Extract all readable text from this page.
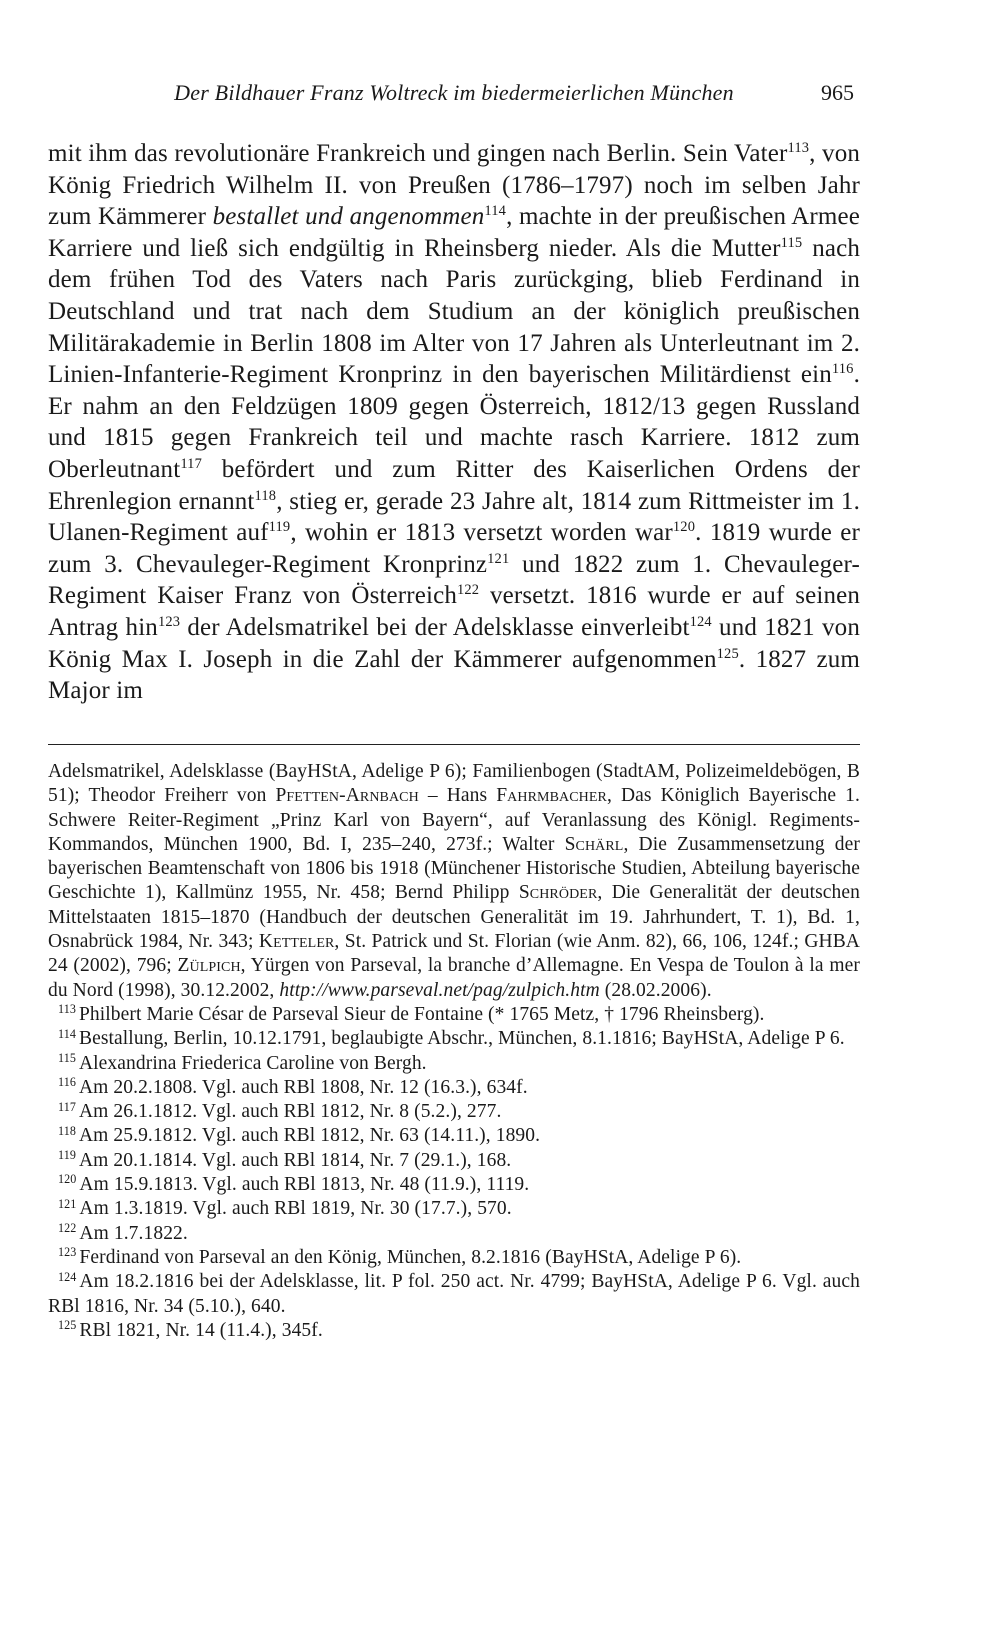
Der Bildhauer Franz Woltreck im biedermeierlichen München	965

mit ihm das revolutionäre Frankreich und gingen nach Berlin. Sein Vater$^{113}$, von König Friedrich Wilhelm II. von Preußen (1786–1797) noch im selben Jahr zum Kämmerer bestallet und angenommen$^{114}$, machte in der preußischen Armee Karriere und ließ sich endgültig in Rheinsberg nieder. Als die Mutter$^{115}$ nach dem frühen Tod des Vaters nach Paris zurückging, blieb Ferdinand in Deutschland und trat nach dem Studium an der königlich preußischen Militärakademie in Berlin 1808 im Alter von 17 Jahren als Unterleutnant im 2. Linien-Infanterie-Regiment Kronprinz in den bayerischen Militärdienst ein$^{116}$. Er nahm an den Feldzügen 1809 gegen Österreich, 1812/13 gegen Russland und 1815 gegen Frankreich teil und machte rasch Karriere. 1812 zum Oberleutnant$^{117}$ befördert und zum Ritter des Kaiserlichen Ordens der Ehrenlegion ernannt$^{118}$, stieg er, gerade 23 Jahre alt, 1814 zum Rittmeister im 1. Ulanen-Regiment auf$^{119}$, wohin er 1813 versetzt worden war$^{120}$. 1819 wurde er zum 3. Chevauleger-Regiment Kronprinz$^{121}$ und 1822 zum 1. Chevauleger-Regiment Kaiser Franz von Österreich$^{122}$ versetzt. 1816 wurde er auf seinen Antrag hin$^{123}$ der Adelsmatrikel bei der Adelsklasse einverleibt$^{124}$ und 1821 von König Max I. Joseph in die Zahl der Kämmerer aufgenommen$^{125}$. 1827 zum Major im

Adelsmatrikel, Adelsklasse (BayHStA, Adelige P 6); Familienbogen (StadtAM, Polizeimeldebögen, B 51); Theodor Freiherr von Pfetten-Arnbach – Hans Fahrmbacher, Das Königlich Bayerische 1. Schwere Reiter-Regiment „Prinz Karl von Bayern“, auf Veranlassung des Königl. Regiments-Kommandos, München 1900, Bd. I, 235–240, 273f.; Walter Schärl, Die Zusammensetzung der bayerischen Beamtenschaft von 1806 bis 1918 (Münchener Historische Studien, Abteilung bayerische Geschichte 1), Kallmünz 1955, Nr. 458; Bernd Philipp Schröder, Die Generalität der deutschen Mittelstaaten 1815–1870 (Handbuch der deutschen Generalität im 19. Jahrhundert, T. 1), Bd. 1, Osnabrück 1984, Nr. 343; Ketteler, St. Patrick und St. Florian (wie Anm. 82), 66, 106, 124f.; GHBA 24 (2002), 796; Zülpich, Yürgen von Parseval, la branche d’Allemagne. En Vespa de Toulon à la mer du Nord (1998), 30.12.2002, http://www.parseval.net/pag/zulpich.htm (28.02.2006).

$^{113}$ Philbert Marie César de Parseval Sieur de Fontaine (* 1765 Metz, † 1796 Rheinsberg).

$^{114}$ Bestallung, Berlin, 10.12.1791, beglaubigte Abschr., München, 8.1.1816; BayHStA, Adelige P 6.

$^{115}$ Alexandrina Friederica Caroline von Bergh.

$^{116}$ Am 20.2.1808. Vgl. auch RBl 1808, Nr. 12 (16.3.), 634f.

$^{117}$ Am 26.1.1812. Vgl. auch RBl 1812, Nr. 8 (5.2.), 277.

$^{118}$ Am 25.9.1812. Vgl. auch RBl 1812, Nr. 63 (14.11.), 1890.

$^{119}$ Am 20.1.1814. Vgl. auch RBl 1814, Nr. 7 (29.1.), 168.

$^{120}$ Am 15.9.1813. Vgl. auch RBl 1813, Nr. 48 (11.9.), 1119.

$^{121}$ Am 1.3.1819. Vgl. auch RBl 1819, Nr. 30 (17.7.), 570.

$^{122}$ Am 1.7.1822.

$^{123}$ Ferdinand von Parseval an den König, München, 8.2.1816 (BayHStA, Adelige P 6).

$^{124}$ Am 18.2.1816 bei der Adelsklasse, lit. P fol. 250 act. Nr. 4799; BayHStA, Adelige P 6. Vgl. auch RBl 1816, Nr. 34 (5.10.), 640.

$^{125}$ RBl 1821, Nr. 14 (11.4.), 345f.
